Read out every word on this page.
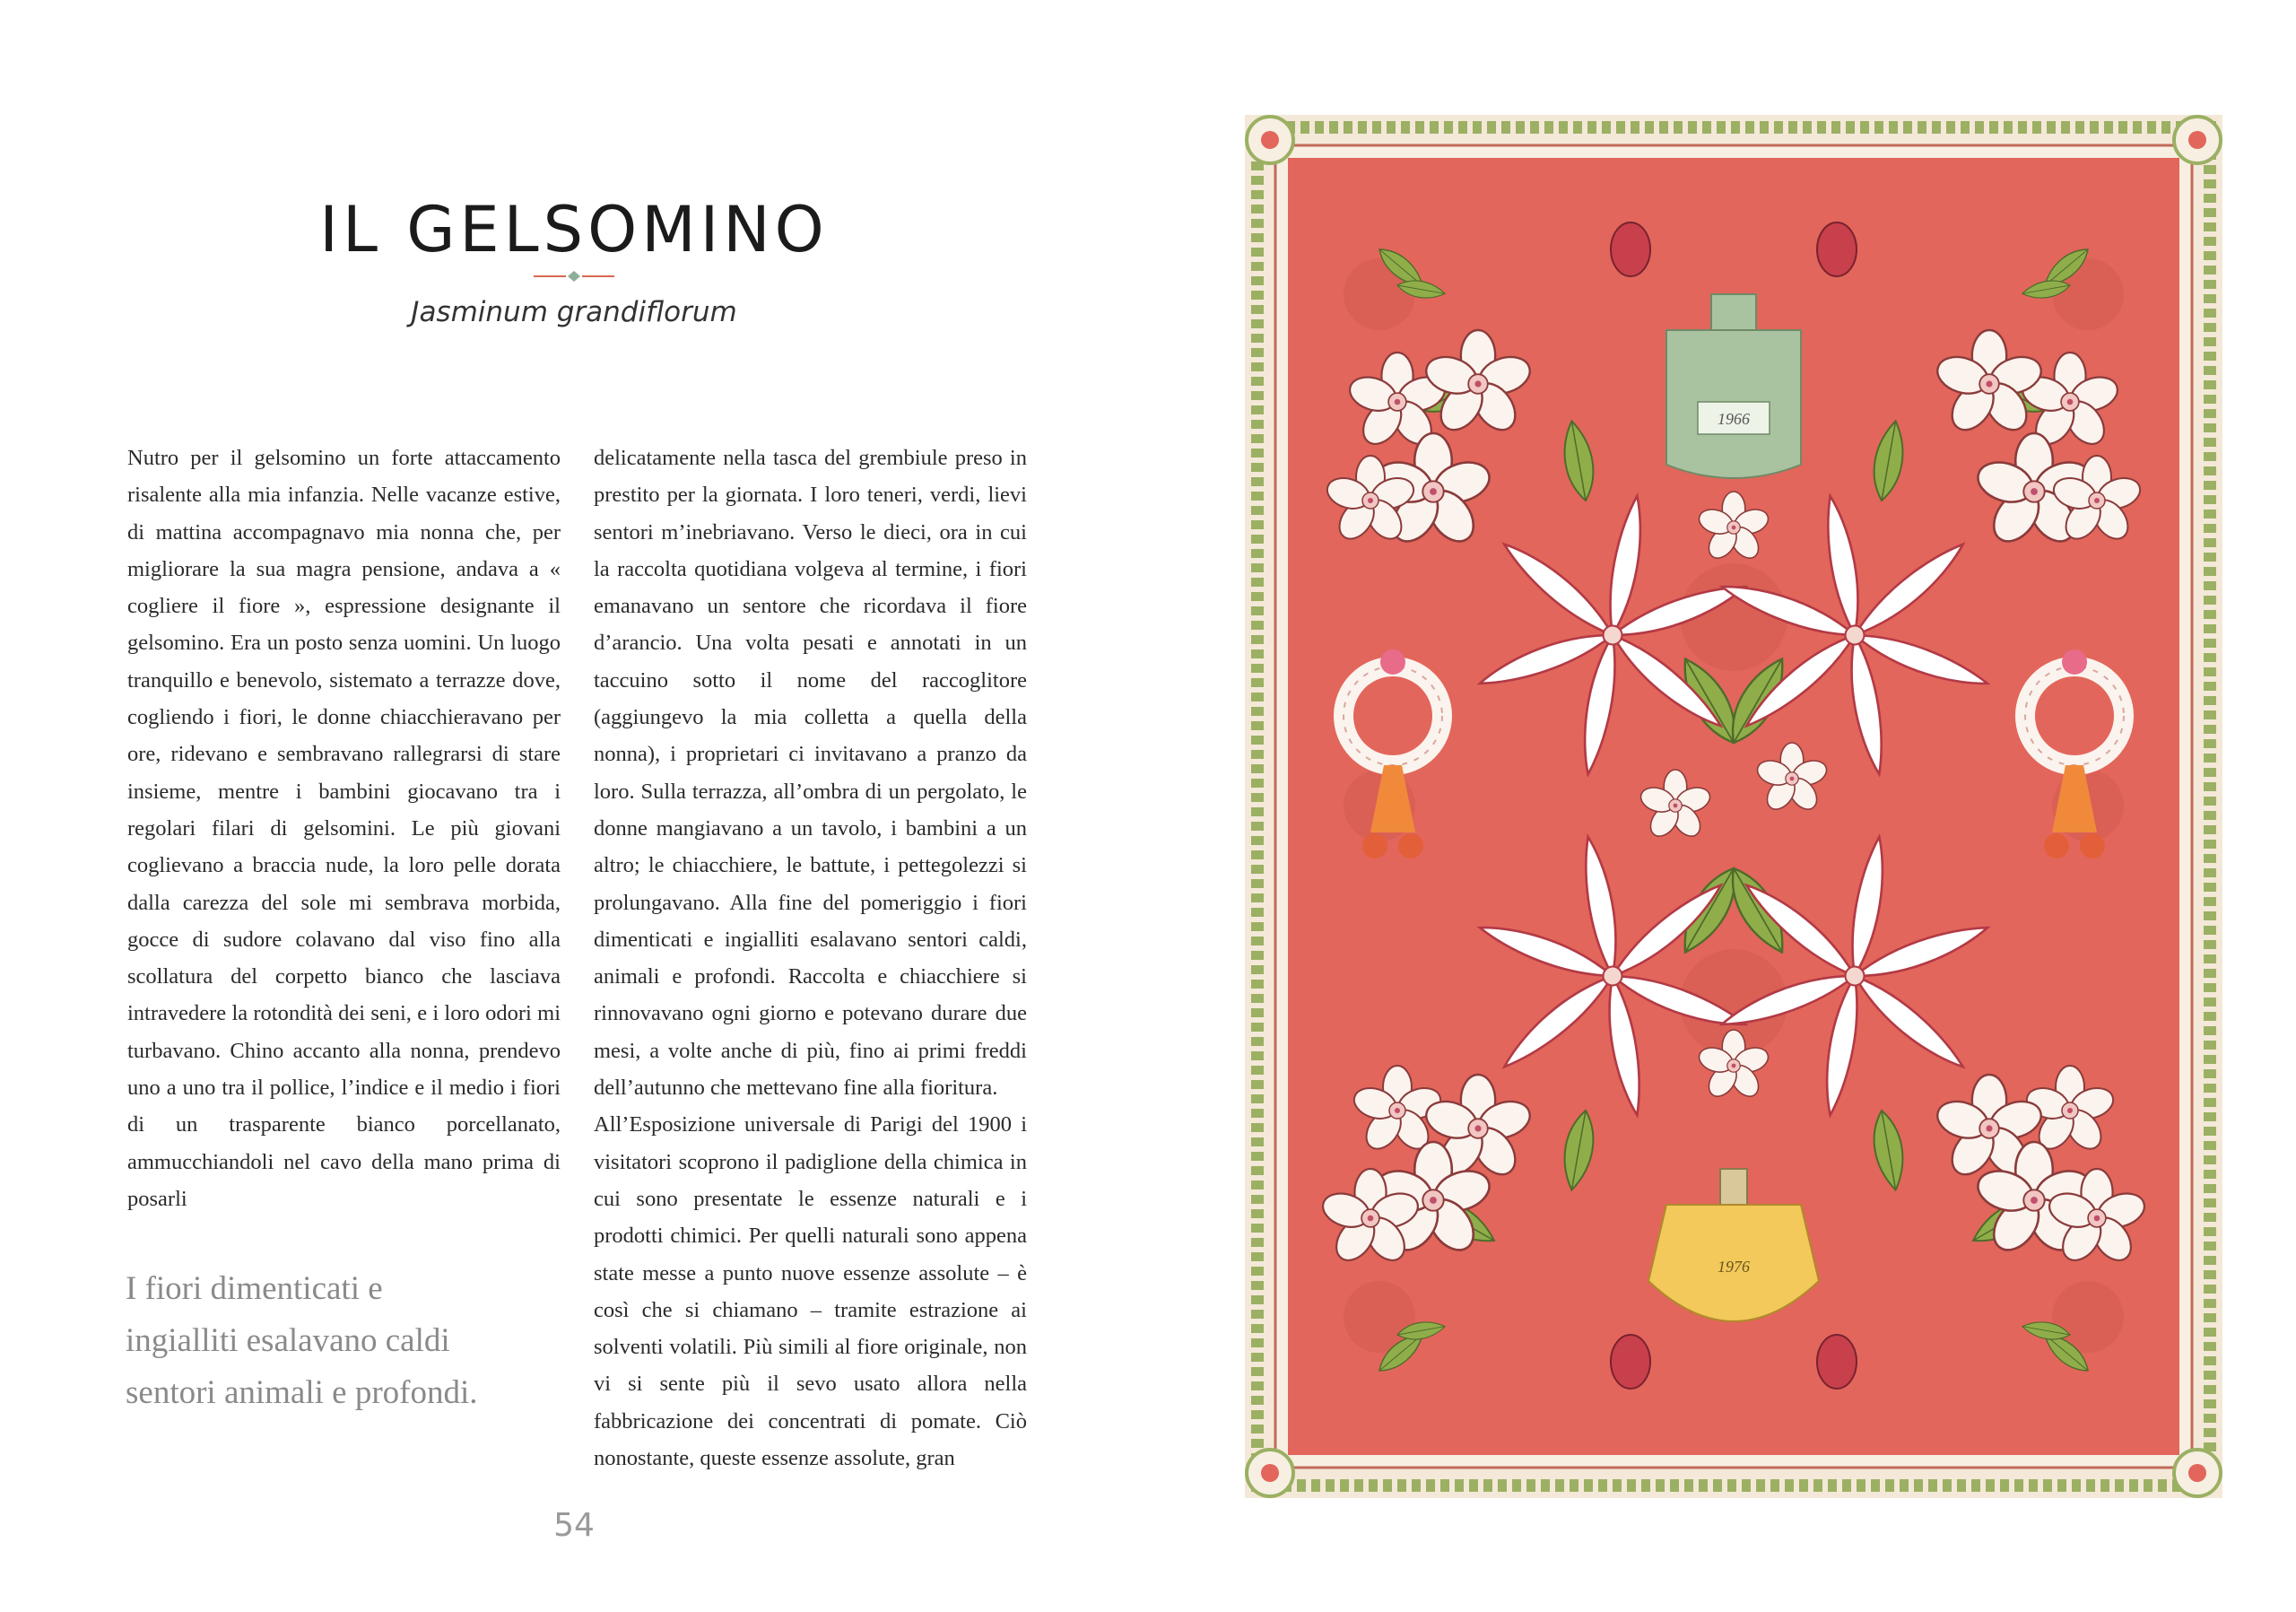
IL GELSOMINO
Jasminum grandiflorum

Nutro per il gelsomino un forte attaccamento risalente alla mia infanzia. Nelle vacanze estive, di mattina accompagnavo mia nonna che, per migliorare la sua magra pensione, andava a « cogliere il fiore », espressione designante il gelsomino. Era un posto senza uomini. Un luogo tranquillo e benevolo, sistemato a terrazze dove, cogliendo i fiori, le donne chiacchieravano per ore, ridevano e sembravano rallegrarsi di stare insieme, mentre i bambini giocavano tra i regolari filari di gelsomini. Le più giovani coglievano a braccia nude, la loro pelle dorata dalla carezza del sole mi sembrava morbida, gocce di sudore colavano dal viso fino alla scollatura del corpetto bianco che lasciava intravedere la rotondità dei seni, e i loro odori mi turbavano. Chino accanto alla nonna, prendevo uno a uno tra il pollice, l’indice e il medio i fiori di un trasparente bianco porcellanato, ammucchiandoli nel cavo della mano prima di posarli

delicatamente nella tasca del grembiule preso in prestito per la giornata. I loro teneri, verdi, lievi sentori m’inebriavano. Verso le dieci, ora in cui la raccolta quotidiana volgeva al termine, i fiori emanavano un sentore che ricordava il fiore d’arancio. Una volta pesati e annotati in un taccuino sotto il nome del raccoglitore (aggiungevo la mia colletta a quella della nonna), i proprietari ci invitavano a pranzo da loro. Sulla terrazza, all’ombra di un pergolato, le donne mangiavano a un tavolo, i bambini a un altro; le chiacchiere, le battute, i pettegolezzi si prolungavano. Alla fine del pomeriggio i fiori dimenticati e ingialliti esalavano sentori caldi, animali e profondi. Raccolta e chiacchiere si rinnovavano ogni giorno e potevano durare due mesi, a volte anche di più, fino ai primi freddi dell’autunno che mettevano fine alla fioritura.

All’Esposizione universale di Parigi del 1900 i visitatori scoprono il padiglione della chimica in cui sono presentate le essenze naturali e i prodotti chimici. Per quelli naturali sono appena state messe a punto nuove essenze assolute – è così che si chiamano – tramite estrazione ai solventi volatili. Più simili al fiore originale, non vi si sente più il sevo usato allora nella fabbricazione dei concentrati di pomate. Ciò nonostante, queste essenze assolute, gran

I fiori dimenticati e ingialliti esalavano caldi sentori animali e profondi.
54
1966
1976
